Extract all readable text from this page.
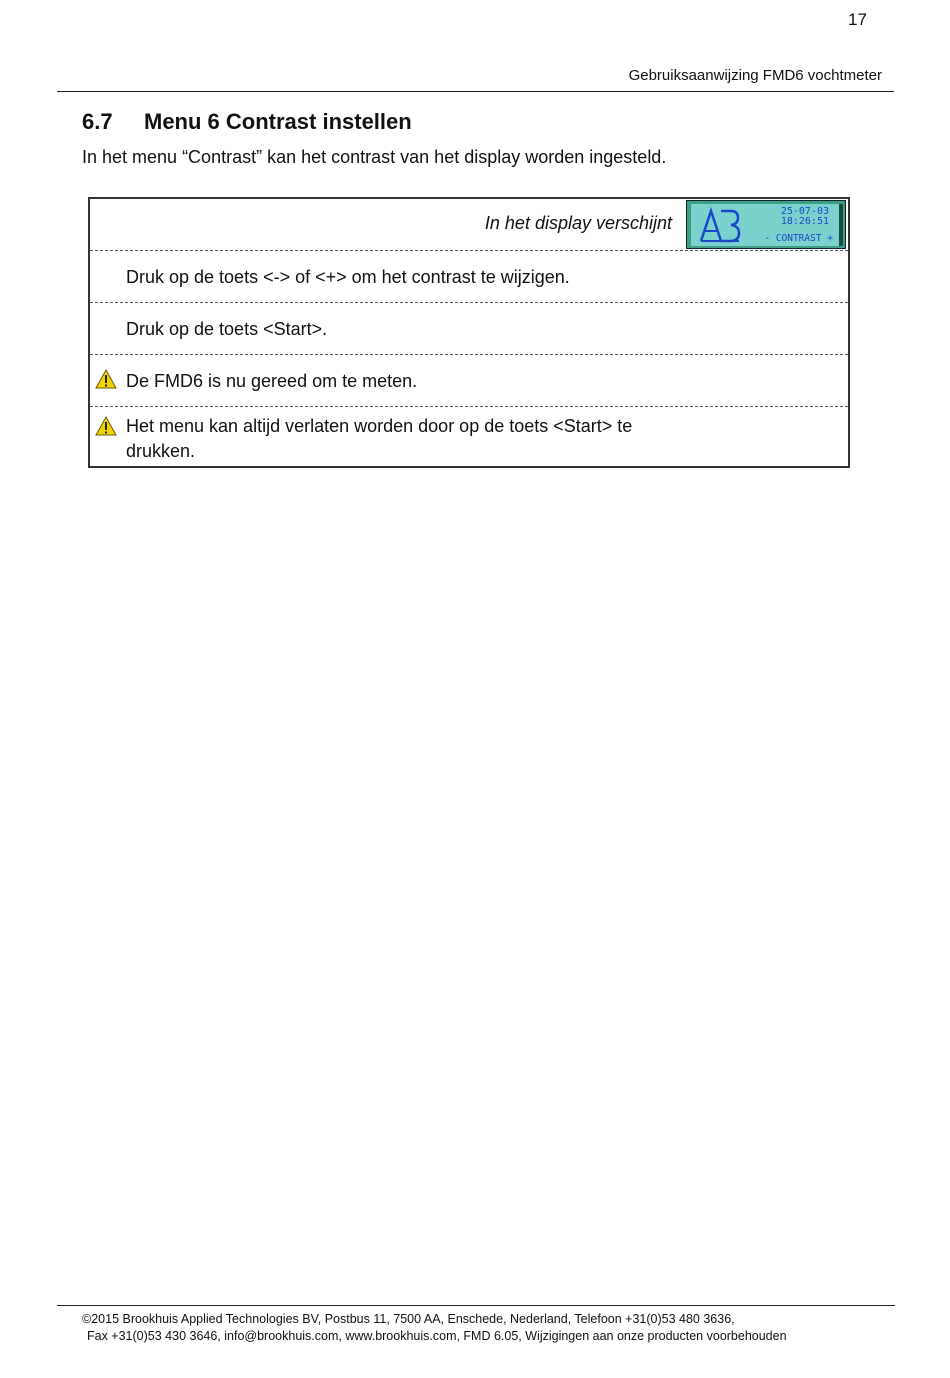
17
Gebruiksaanwijzing FMD6 vochtmeter
6.7 Menu 6 Contrast instellen
In het menu “Contrast” kan het contrast van het display worden ingesteld.
In het display verschijnt
25-07-03
18:26:51
- CONTRAST +
Druk op de toets <-> of <+> om het contrast te wijzigen.
Druk op de toets <Start>.
De FMD6 is nu gereed om te meten.
Het menu kan altijd verlaten worden door op de toets <Start> te drukken.
©2015 Brookhuis Applied Technologies BV, Postbus 11, 7500 AA, Enschede, Nederland, Telefoon +31(0)53 480 3636,
Fax +31(0)53 430 3646, info@brookhuis.com, www.brookhuis.com, FMD 6.05, Wijzigingen aan onze producten voorbehouden
